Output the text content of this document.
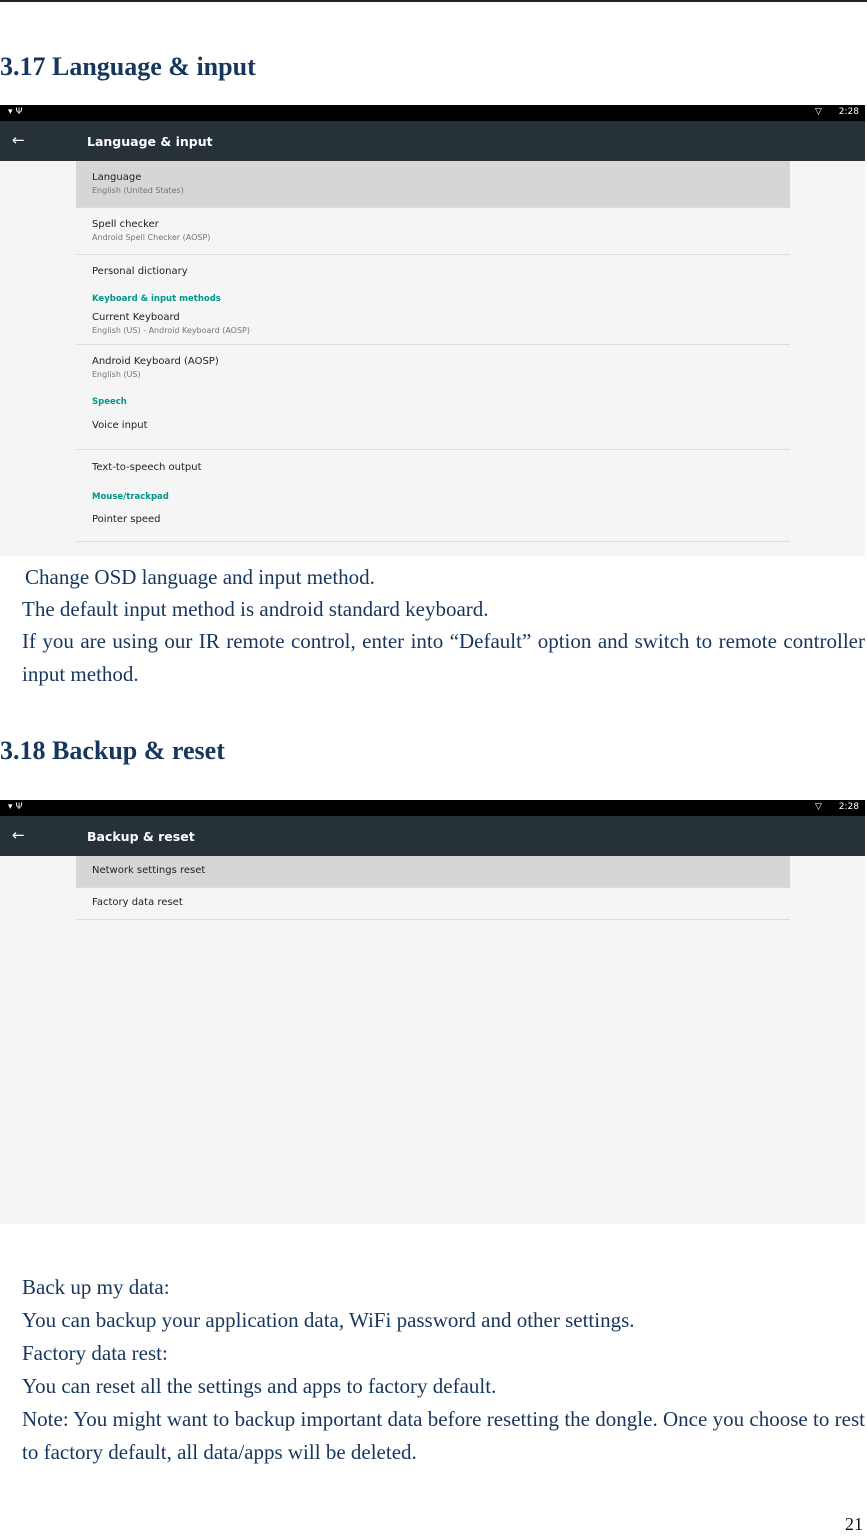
3.17 Language & input
▾Ψ	▽ 2:28
←	Language & input
Language
English (United States)
Spell checker
Android Spell Checker (AOSP)
Personal dictionary
Keyboard & input methods
Current Keyboard
English (US) - Android Keyboard (AOSP)
Android Keyboard (AOSP)
English (US)
Speech
Voice input
Text-to-speech output
Mouse/trackpad
Pointer speed

Change OSD language and input method.

The default input method is android standard keyboard.

If you are using our IR remote control, enter into “Default” option and switch to remote controller input method.

3.18 Backup & reset
▾Ψ	▽ 2:28
←	Backup & reset
Network settings reset
Factory data reset

Back up my data:

You can backup your application data, WiFi password and other settings.

Factory data rest:

You can reset all the settings and apps to factory default.

Note: You might want to backup important data before resetting the dongle. Once you choose to rest to factory default, all data/apps will be deleted.

21
